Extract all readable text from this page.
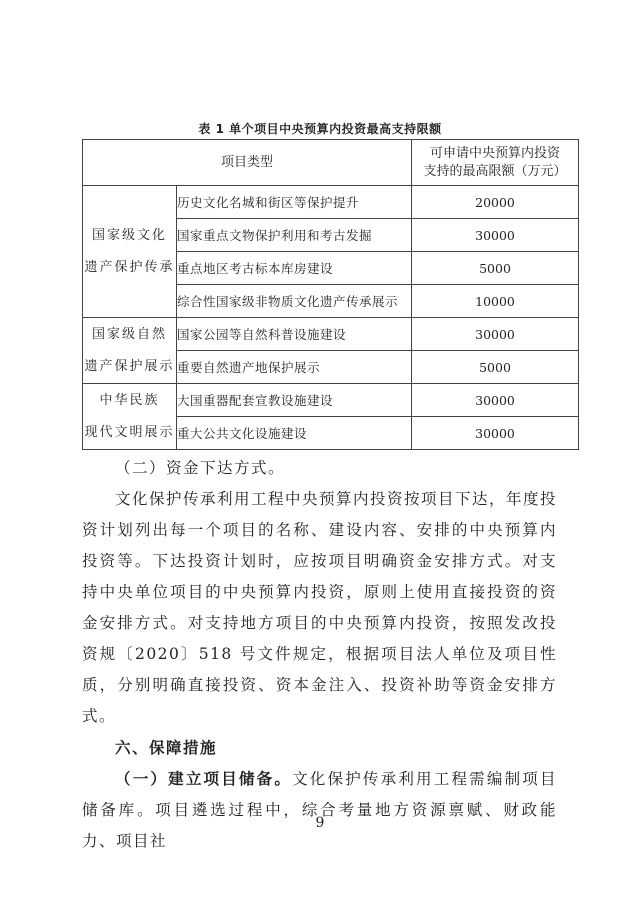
表 1 单个项目中央预算内投资最高支持限额
项目类型		可申请中央预算内投资
支持的最高限额（万元）
国家级文化
遗产保护传承	历史文化名城和街区等保护提升	20000
	国家重点文物保护利用和考古发掘	30000
	重点地区考古标本库房建设	5000
	综合性国家级非物质文化遗产传承展示	10000
国家级自然
遗产保护展示	国家公园等自然科普设施建设	30000
	重要自然遗产地保护展示	5000
中华民族
现代文明展示	大国重器配套宣教设施建设	30000
	重大公共文化设施建设	30000

（二）资金下达方式。

文化保护传承利用工程中央预算内投资按项目下达，年度投资计划列出每一个项目的名称、建设内容、安排的中央预算内投资等。下达投资计划时，应按项目明确资金安排方式。对支持中央单位项目的中央预算内投资，原则上使用直接投资的资金安排方式。对支持地方项目的中央预算内投资，按照发改投资规〔2020〕518 号文件规定，根据项目法人单位及项目性质，分别明确直接投资、资本金注入、投资补助等资金安排方式。

六、保障措施

（一）建立项目储备。文化保护传承利用工程需编制项目储备库。项目遴选过程中，综合考量地方资源禀赋、财政能力、项目社

9
